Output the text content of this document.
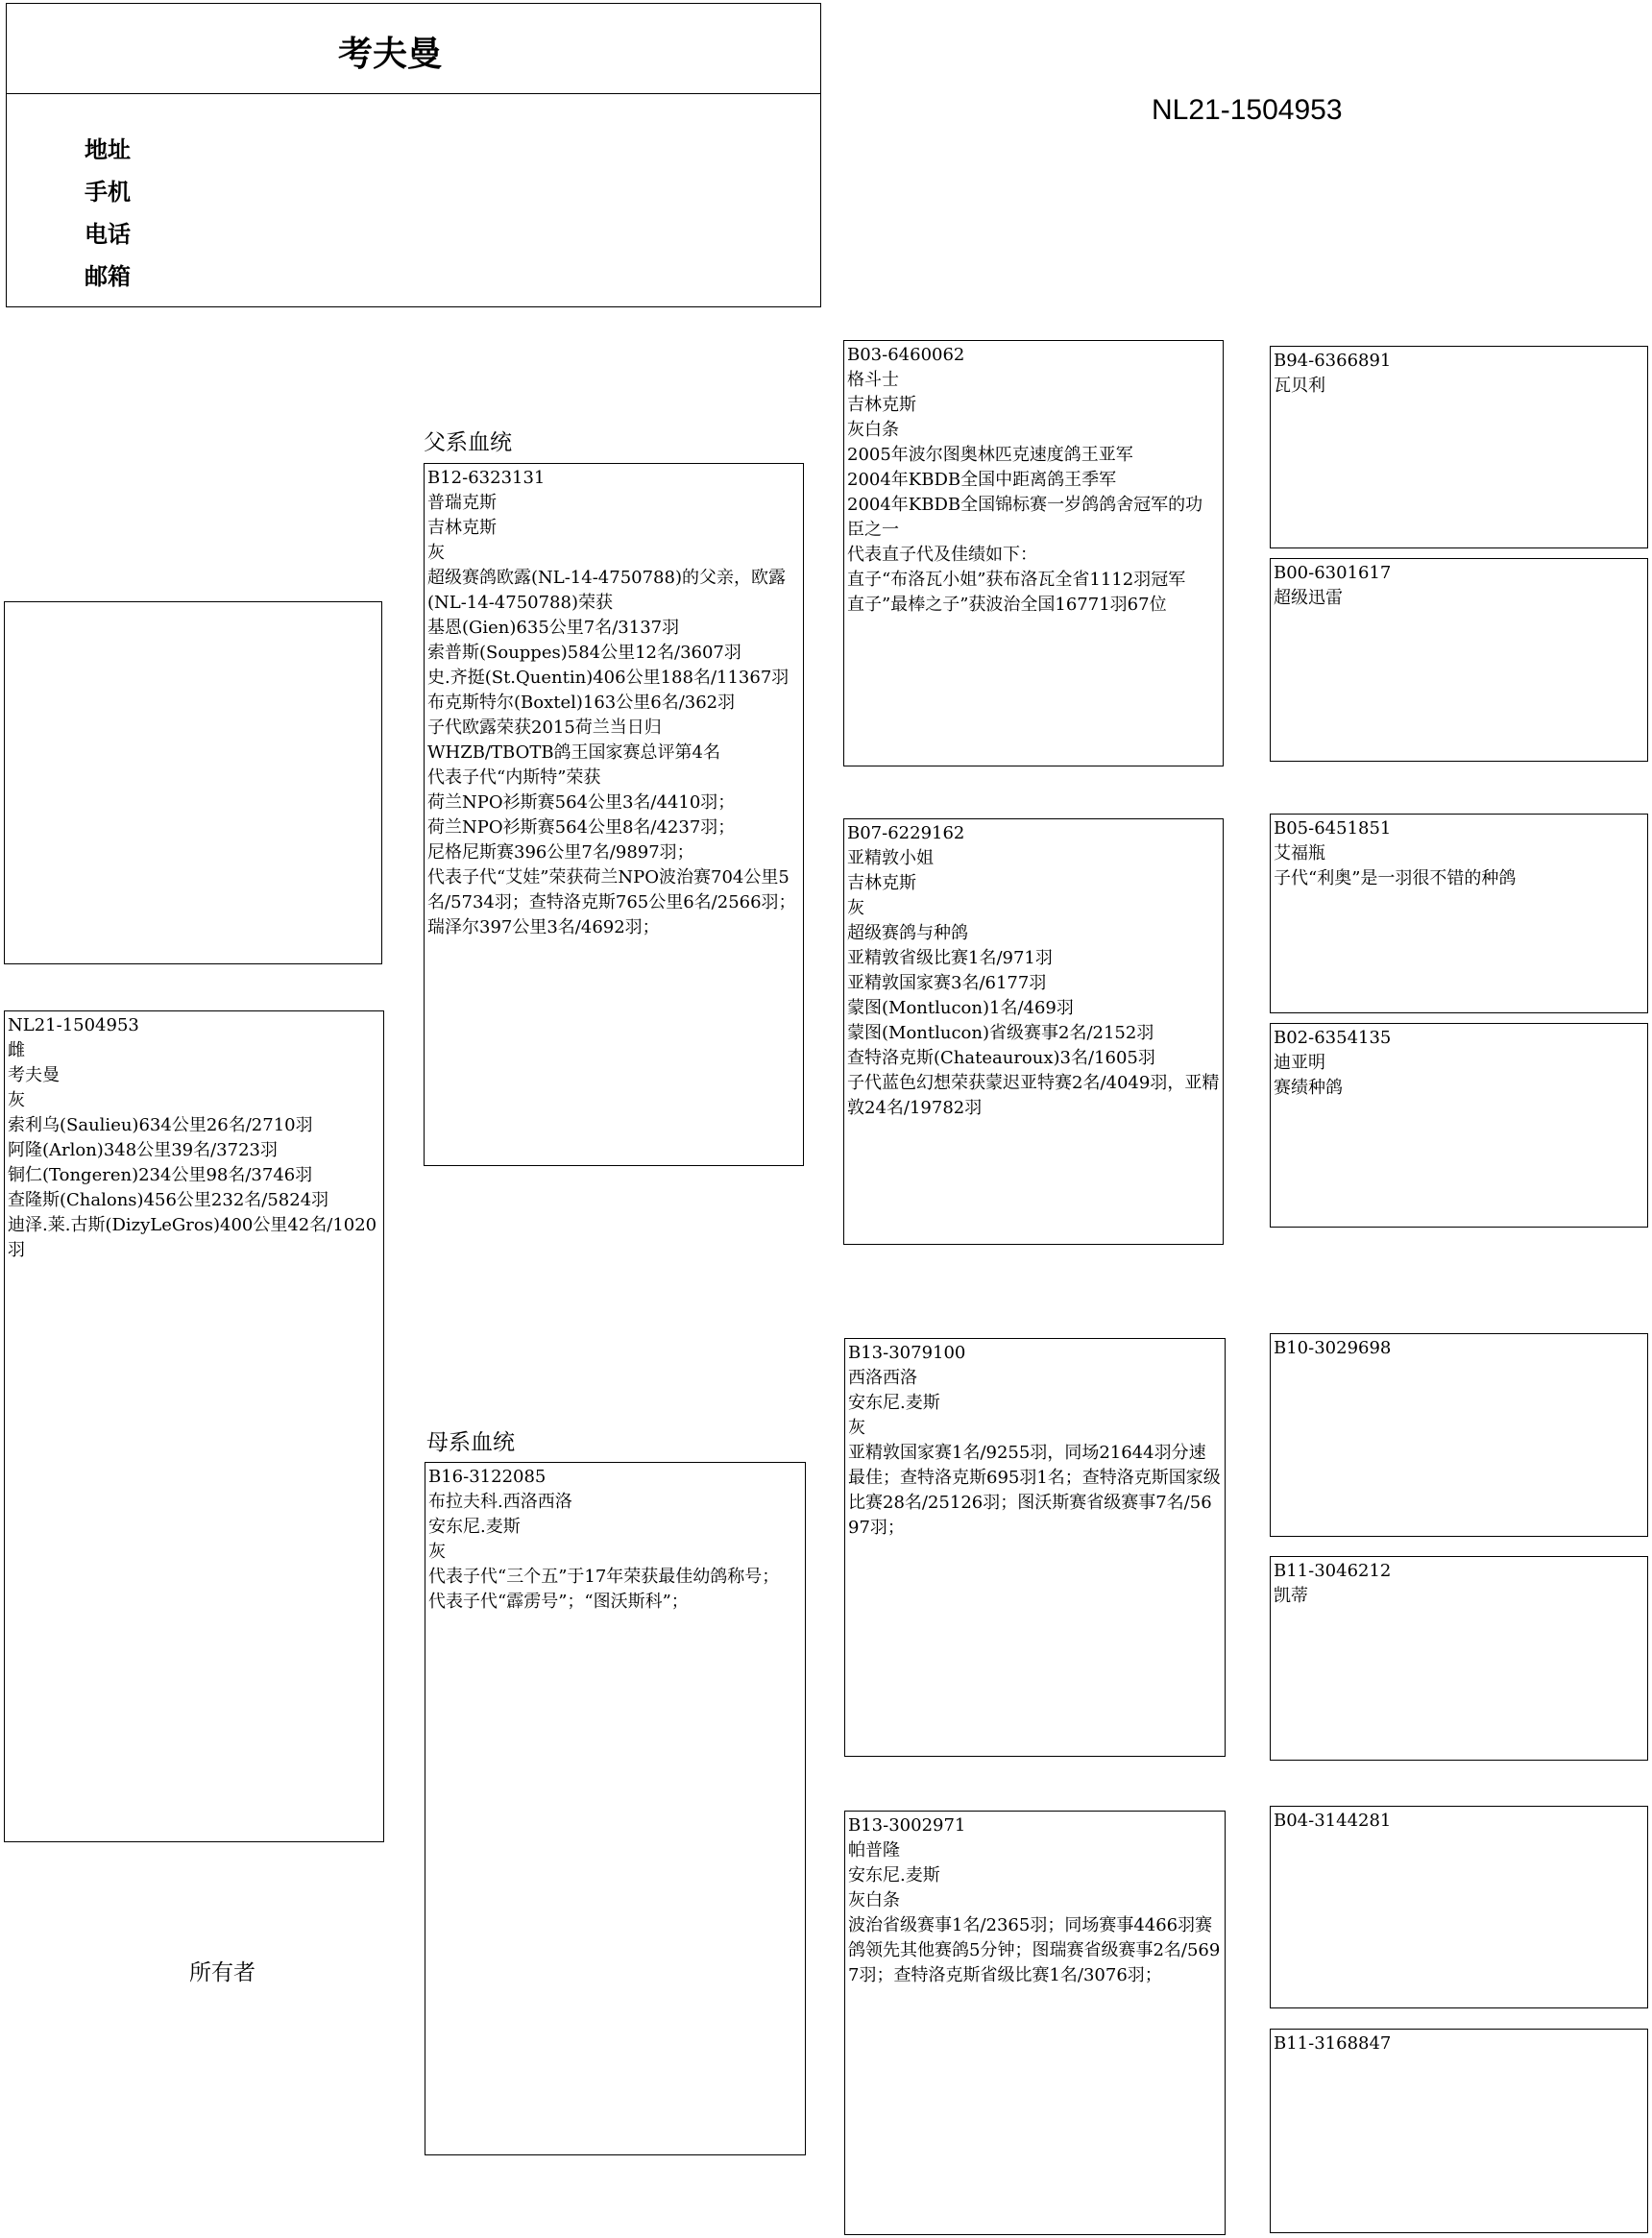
考夫曼
NL21-1504953
地址
手机
电话
邮箱
父系血统
母系血统
所有者
NL21-1504953
雌
考夫曼
灰
索利乌(Saulieu)634公里26名/2710羽
阿隆(Arlon)348公里39名/3723羽
铜仁(Tongeren)234公里98名/3746羽
查隆斯(Chalons)456公里232名/5824羽
迪泽.莱.古斯(DizyLeGros)400公里42名/1020羽
B12-6323131
普瑞克斯
吉林克斯
灰
超级赛鸽欧露(NL-14-4750788)的父亲，欧露(NL-14-4750788)荣获
基恩(Gien)635公里7名/3137羽
索普斯(Souppes)584公里12名/3607羽
史.齐挺(St.Quentin)406公里188名/11367羽
布克斯特尔(Boxtel)163公里6名/362羽
子代欧露荣获2015荷兰当日归
WHZB/TBOTB鸽王国家赛总评第4名
代表子代“内斯特”荣获
荷兰NPO衫斯赛564公里3名/4410羽；
荷兰NPO衫斯赛564公里8名/4237羽；
尼格尼斯赛396公里7名/9897羽；
代表子代“艾娃”荣获荷兰NPO波治赛704公里5名/5734羽；查特洛克斯765公里6名/2566羽；瑞泽尔397公里3名/4692羽；
B16-3122085
布拉夫科.西洛西洛
安东尼.麦斯
灰
代表子代“三个五”于17年荣获最佳幼鸽称号；
代表子代“霹雳号”；“图沃斯科”；
B03-6460062
格斗士
吉林克斯
灰白条
2005年波尔图奥林匹克速度鸽王亚军
2004年KBDB全国中距离鸽王季军
2004年KBDB全国锦标赛一岁鸽鸽舍冠军的功臣之一
代表直子代及佳绩如下：
直子“布洛瓦小姐”获布洛瓦全省1112羽冠军
直子”最棒之子”获波治全国16771羽67位
B07-6229162
亚精敦小姐
吉林克斯
灰
超级赛鸽与种鸽
亚精敦省级比赛1名/971羽
亚精敦国家赛3名/6177羽
蒙图(Montlucon)1名/469羽
蒙图(Montlucon)省级赛事2名/2152羽
查特洛克斯(Chateauroux)3名/1605羽
子代蓝色幻想荣获蒙迟亚特赛2名/4049羽，亚精敦24名/19782羽
B13-3079100
西洛西洛
安东尼.麦斯
灰
亚精敦国家赛1名/9255羽，同场21644羽分速最佳；查特洛克斯695羽1名；查特洛克斯国家级比赛28名/25126羽；图沃斯赛省级赛事7名/5697羽；
B13-3002971
帕普隆
安东尼.麦斯
灰白条
波治省级赛事1名/2365羽；同场赛事4466羽赛鸽领先其他赛鸽5分钟；图瑞赛省级赛事2名/5697羽；查特洛克斯省级比赛1名/3076羽；
B94-6366891
瓦贝利
B00-6301617
超级迅雷
B05-6451851
艾福瓶
子代“利奥”是一羽很不错的种鸽
B02-6354135
迪亚明
赛绩种鸽
B10-3029698
B11-3046212
凯蒂
B04-3144281
B11-3168847
